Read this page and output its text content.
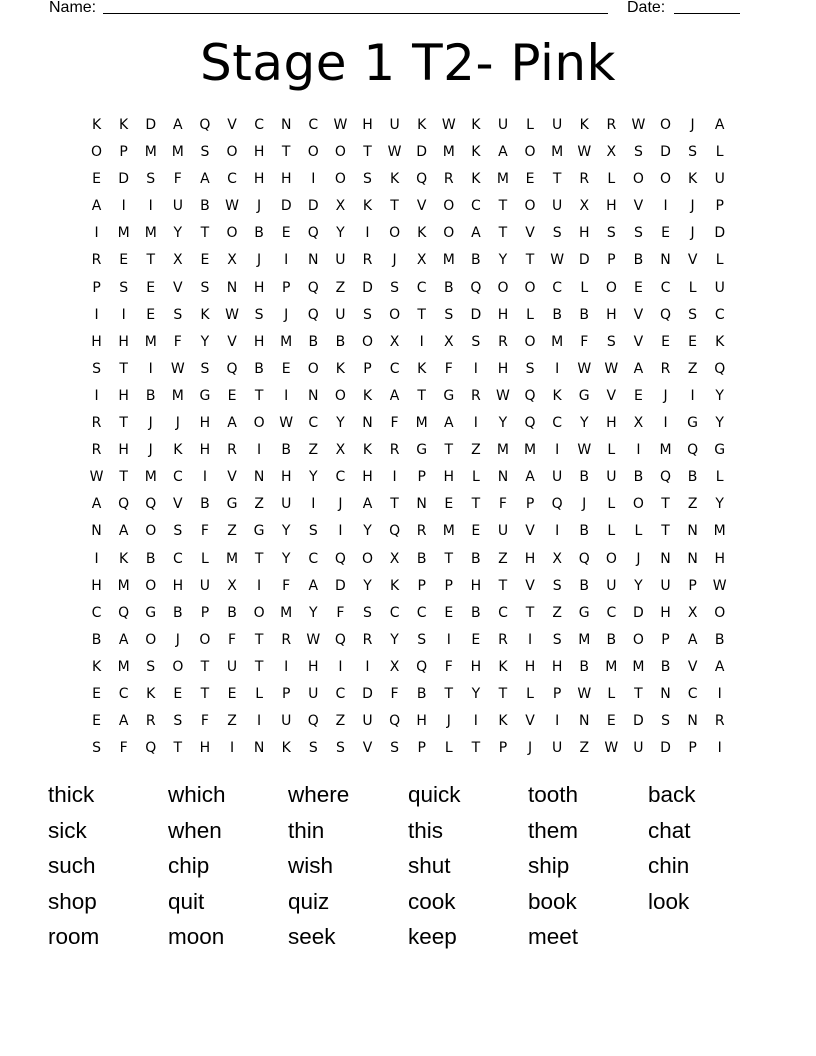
Name:	Date:
Stage 1 T2- Pink
K	K	D	A	Q	V	C	N	C	W	H	U	K	W	K	U	L	U	K	R	W	O	J	A
O	P	M	M	S	O	H	T	O	O	T	W	D	M	K	A	O	M	W	X	S	D	S	L
E	D	S	F	A	C	H	H	I	O	S	K	Q	R	K	M	E	T	R	L	O	O	K	U
A	I	I	U	B	W	J	D	D	X	K	T	V	O	C	T	O	U	X	H	V	I	J	P
I	M	M	Y	T	O	B	E	Q	Y	I	O	K	O	A	T	V	S	H	S	S	E	J	D
R	E	T	X	E	X	J	I	N	U	R	J	X	M	B	Y	T	W	D	P	B	N	V	L
P	S	E	V	S	N	H	P	Q	Z	D	S	C	B	Q	O	O	C	L	O	E	C	L	U
I	I	E	S	K	W	S	J	Q	U	S	O	T	S	D	H	L	B	B	H	V	Q	S	C
H	H	M	F	Y	V	H	M	B	B	O	X	I	X	S	R	O	M	F	S	V	E	E	K
S	T	I	W	S	Q	B	E	O	K	P	C	K	F	I	H	S	I	W W	A	R	Z	Q
I	H	B	M	G	E	T	I	N	O	K	A	T	G	R	W	Q	K	G	V	E	J	I	Y
R	T	J	J	H	A	O	W	C	Y	N	F	M	A	I	Y	Q	C	Y	H	X	I	G	Y
R	H	J	K	H	R	I	B	Z	X	K	R	G	T	Z	M	M	I	W	L	I	M	Q	G
W	T	M	C	I	V	N	H	Y	C	H	I	P	H	L	N	A	U	B	U	B	Q	B	L
A	Q	Q	V	B	G	Z	U	I	J	A	T	N	E	T	F	P	Q	J	L	O	T	Z	Y
N	A	O	S	F	Z	G	Y	S	I	Y	Q	R	M	E	U	V	I	B	L	L	T	N	M
I	K	B	C	L	M	T	Y	C	Q	O	X	B	T	B	Z	H	X	Q	O	J	N	N	H
H	M	O	H	U	X	I	F	A	D	Y	K	P	P	H	T	V	S	B	U	Y	U	P	W
C	Q	G	B	P	B	O	M	Y	F	S	C	C	E	B	C	T	Z	G	C	D	H	X	O
B	A	O	J	O	F	T	R	W	Q	R	Y	S	I	E	R	I	S	M	B	O	P	A	B
K	M	S	O	T	U	T	I	H	I	I	X	Q	F	H	K	H	H	B	M	M	B	V	A
E	C	K	E	T	E	L	P	U	C	D	F	B	T	Y	T	L	P	W	L	T	N	C	I
E	A	R	S	F	Z	I	U	Q	Z	U	Q	H	J	I	K	V	I	N	E	D	S	N	R
S	F	Q	T	H	I	N	K	S	S	V	S	P	L	T	P	J	U	Z	W	U	D	P	I
thick	which	where	quick	tooth	back
sick	when	thin	this	them	chat
such	chip	wish	shut	ship	chin
shop	quit	quiz	cook	book	look
room	moon	seek	keep	meet
